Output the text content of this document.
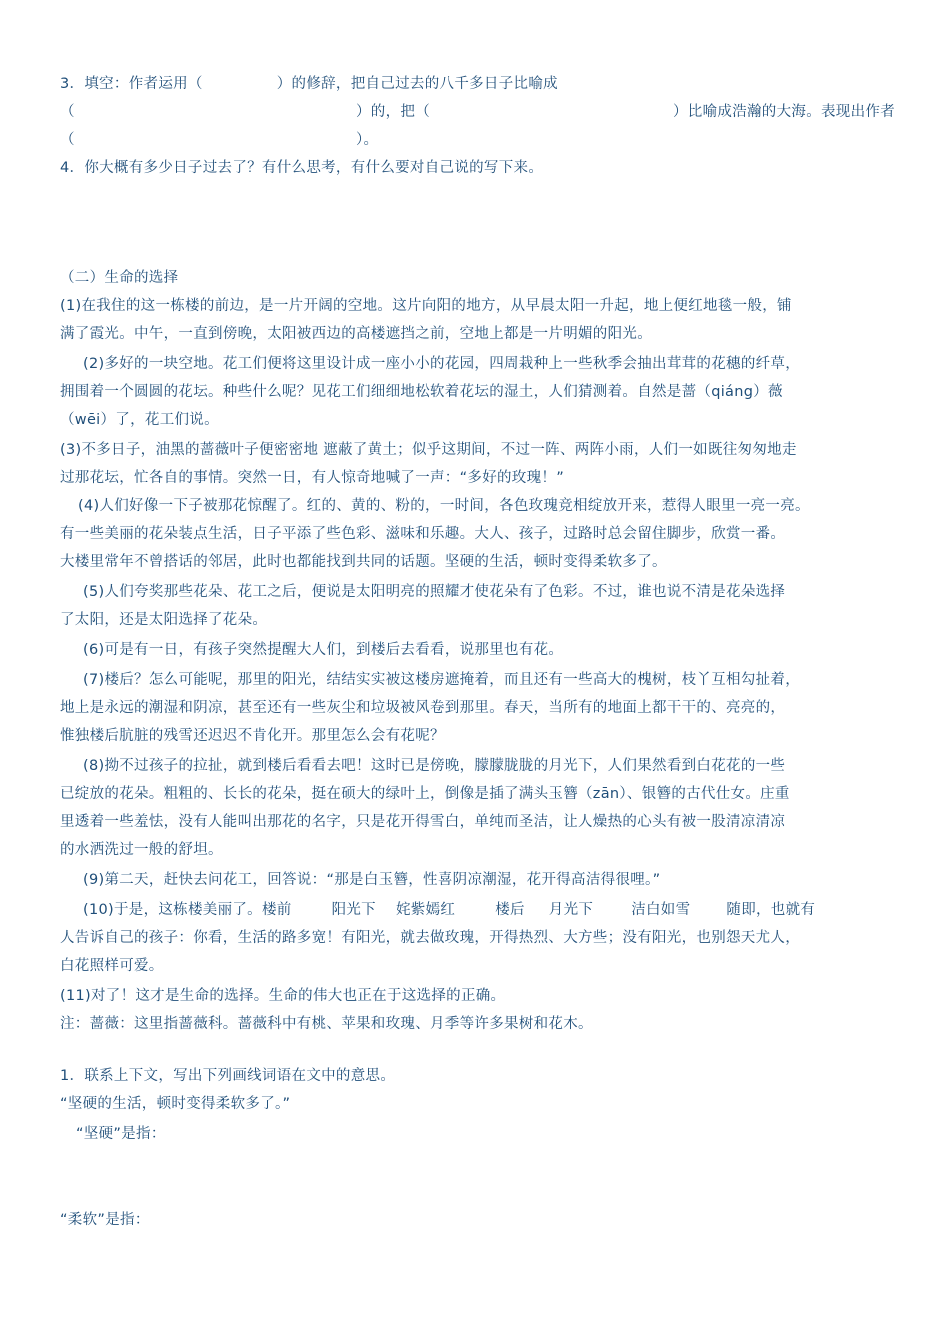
3．填空：作者运用（　　　　　）的修辞，把自己过去的八千多日子比喻成
（　　　　　　　　　　　　　　　　　　　）的，把（	）比喻成浩瀚的大海。表现出作者
（　　　　　　　　　　　　　　　　　　　）。
4．你大概有多少日子过去了？有什么思考，有什么要对自己说的写下来。
（二）生命的选择
(1)在我住的这一栋楼的前边，是一片开阔的空地。这片向阳的地方，从早晨太阳一升起，地上便红地毯一般，铺
满了霞光。中午，一直到傍晚，太阳被西边的高楼遮挡之前，空地上都是一片明媚的阳光。
(2)多好的一块空地。花工们便将这里设计成一座小小的花园，四周栽种上一些秋季会抽出茸茸的花穗的纤草，
拥围着一个圆圆的花坛。种些什么呢？见花工们细细地松软着花坛的湿土，人们猜测着。自然是蔷（qiáng）薇
（wēi）了，花工们说。
(3)不多日子，油黑的蔷薇叶子便密密地 遮蔽了黄土；似乎这期间，不过一阵、两阵小雨，人们一如既往匆匆地走
过那花坛，忙各自的事情。突然一日，有人惊奇地喊了一声：“多好的玫瑰！”
(4)人们好像一下子被那花惊醒了。红的、黄的、粉的，一时间，各色玫瑰竞相绽放开来，惹得人眼里一亮一亮。
有一些美丽的花朵装点生活，日子平添了些色彩、滋味和乐趣。大人、孩子，过路时总会留住脚步，欣赏一番。
大楼里常年不曾搭话的邻居，此时也都能找到共同的话题。坚硬的生活，顿时变得柔软多了。
(5)人们夸奖那些花朵、花工之后，便说是太阳明亮的照耀才使花朵有了色彩。不过，谁也说不清是花朵选择
了太阳，还是太阳选择了花朵。
(6)可是有一日，有孩子突然提醒大人们，到楼后去看看，说那里也有花。
(7)楼后？怎么可能呢，那里的阳光，结结实实被这楼房遮掩着，而且还有一些高大的槐树，枝丫互相勾扯着，
地上是永远的潮湿和阴凉，甚至还有一些灰尘和垃圾被风卷到那里。春天，当所有的地面上都干干的、亮亮的，
惟独楼后肮脏的残雪还迟迟不肯化开。那里怎么会有花呢？
(8)拗不过孩子的拉扯，就到楼后看看去吧！这时已是傍晚，朦朦胧胧的月光下，人们果然看到白花花的一些
已绽放的花朵。粗粗的、长长的花朵，挺在硕大的绿叶上，倒像是插了满头玉簪（zān）、银簪的古代仕女。庄重
里透着一些羞怯，没有人能叫出那花的名字，只是花开得雪白，单纯而圣洁，让人燥热的心头有被一股清凉清凉
的水洒洗过一般的舒坦。
(9)第二天，赶快去问花工，回答说：“那是白玉簪，性喜阴凉潮湿，花开得高洁得很哩。”
(10)于是，这栋楼美丽了。楼前	阳光下 姹紫嫣红	楼后 月光下	洁白如雪 随即，也就有
人告诉自己的孩子：你看，生活的路多宽！有阳光，就去做玫瑰，开得热烈、大方些；没有阳光，也别怨天尤人，
白花照样可爱。
(11)对了！这才是生命的选择。生命的伟大也正在于这选择的正确。
注：蔷薇：这里指蔷薇科。蔷薇科中有桃、苹果和玫瑰、月季等许多果树和花木。
1．联系上下文，写出下列画线词语在文中的意思。
“坚硬的生活，顿时变得柔软多了。”
“坚硬”是指：
“柔软”是指：
